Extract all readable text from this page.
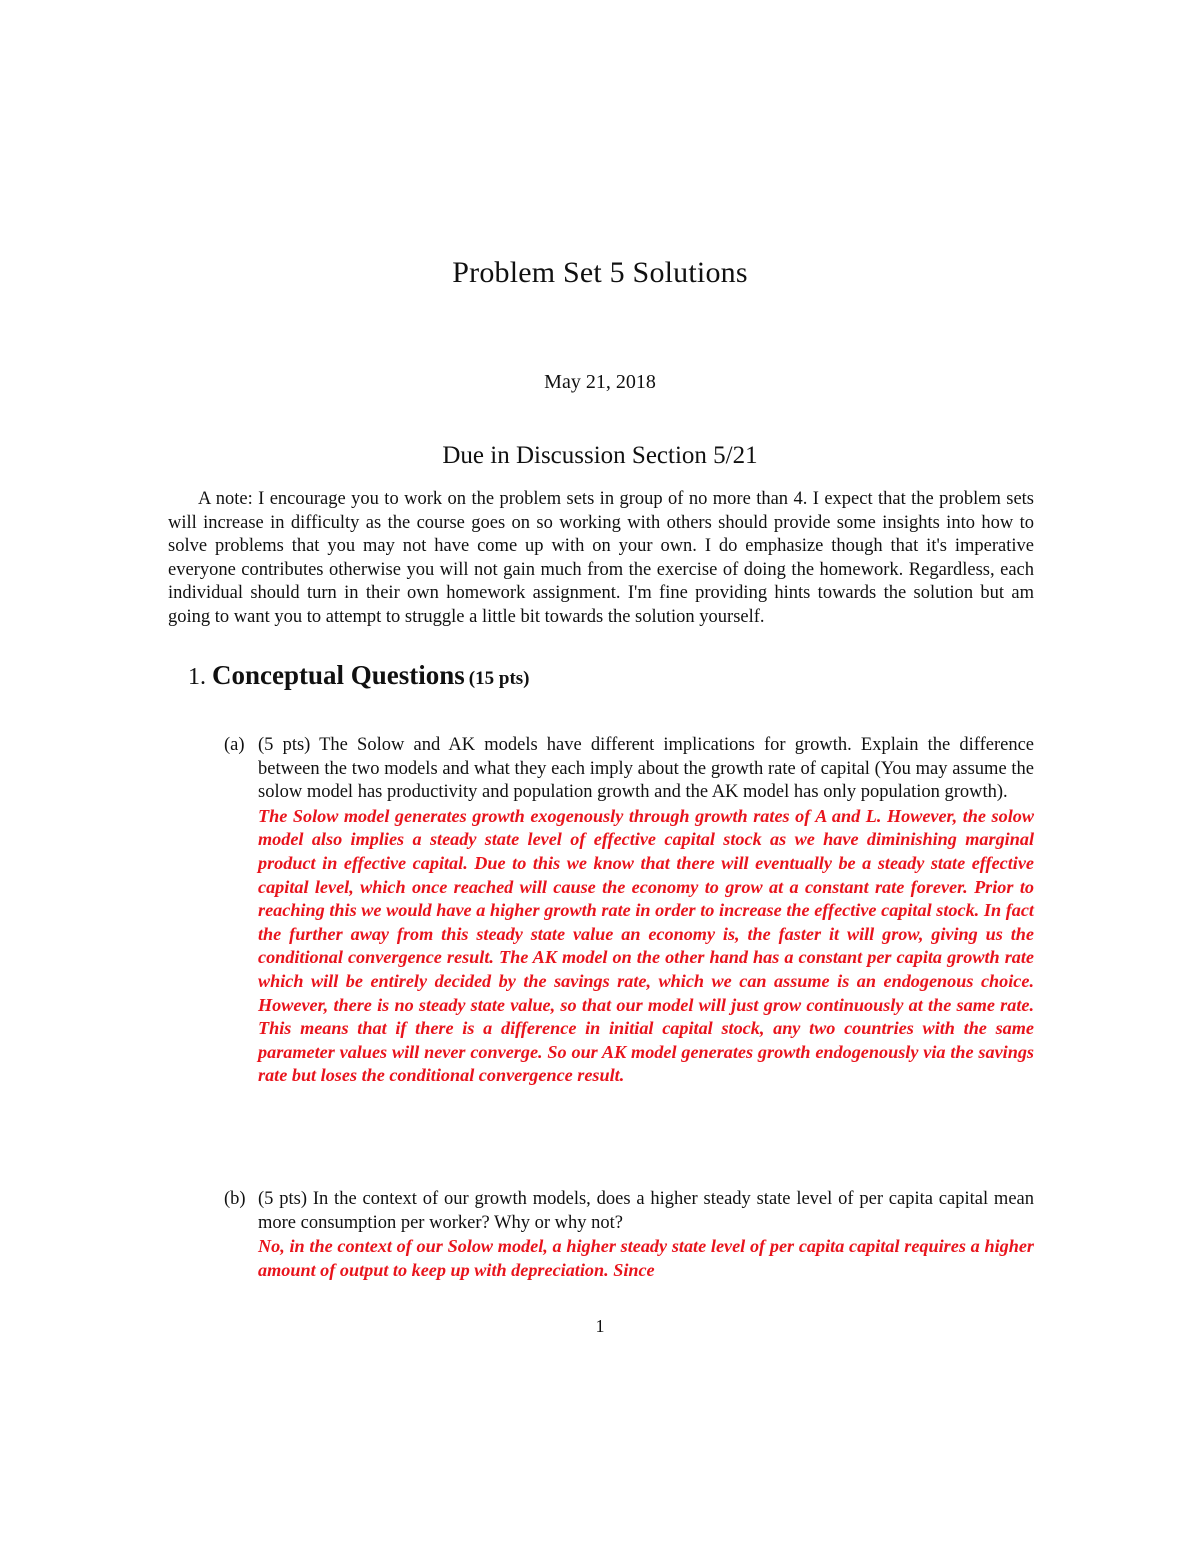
Problem Set 5 Solutions
May 21, 2018
Due in Discussion Section 5/21

A note: I encourage you to work on the problem sets in group of no more than 4. I expect that the problem sets will increase in difficulty as the course goes on so working with others should provide some insights into how to solve problems that you may not have come up with on your own. I do emphasize though that it's imperative everyone contributes otherwise you will not gain much from the exercise of doing the homework. Regardless, each individual should turn in their own homework assignment. I'm fine providing hints towards the solution but am going to want you to attempt to struggle a little bit towards the solution yourself.

1. Conceptual Questions (15 pts)
(a) (5 pts) The Solow and AK models have different implications for growth. Explain the difference between the two models and what they each imply about the growth rate of capital (You may assume the solow model has productivity and population growth and the AK model has only population growth).

The Solow model generates growth exogenously through growth rates of A and L. However, the solow model also implies a steady state level of effective capital stock as we have diminishing marginal product in effective capital. Due to this we know that there will eventually be a steady state effective capital level, which once reached will cause the economy to grow at a constant rate forever. Prior to reaching this we would have a higher growth rate in order to increase the effective capital stock. In fact the further away from this steady state value an economy is, the faster it will grow, giving us the conditional convergence result. The AK model on the other hand has a constant per capita growth rate which will be entirely decided by the savings rate, which we can assume is an endogenous choice. However, there is no steady state value, so that our model will just grow continuously at the same rate. This means that if there is a difference in initial capital stock, any two countries with the same parameter values will never converge. So our AK model generates growth endogenously via the savings rate but loses the conditional convergence result.

(b) (5 pts) In the context of our growth models, does a higher steady state level of per capita capital mean more consumption per worker? Why or why not?

No, in the context of our Solow model, a higher steady state level of per capita capital requires a higher amount of output to keep up with depreciation. Since

1
